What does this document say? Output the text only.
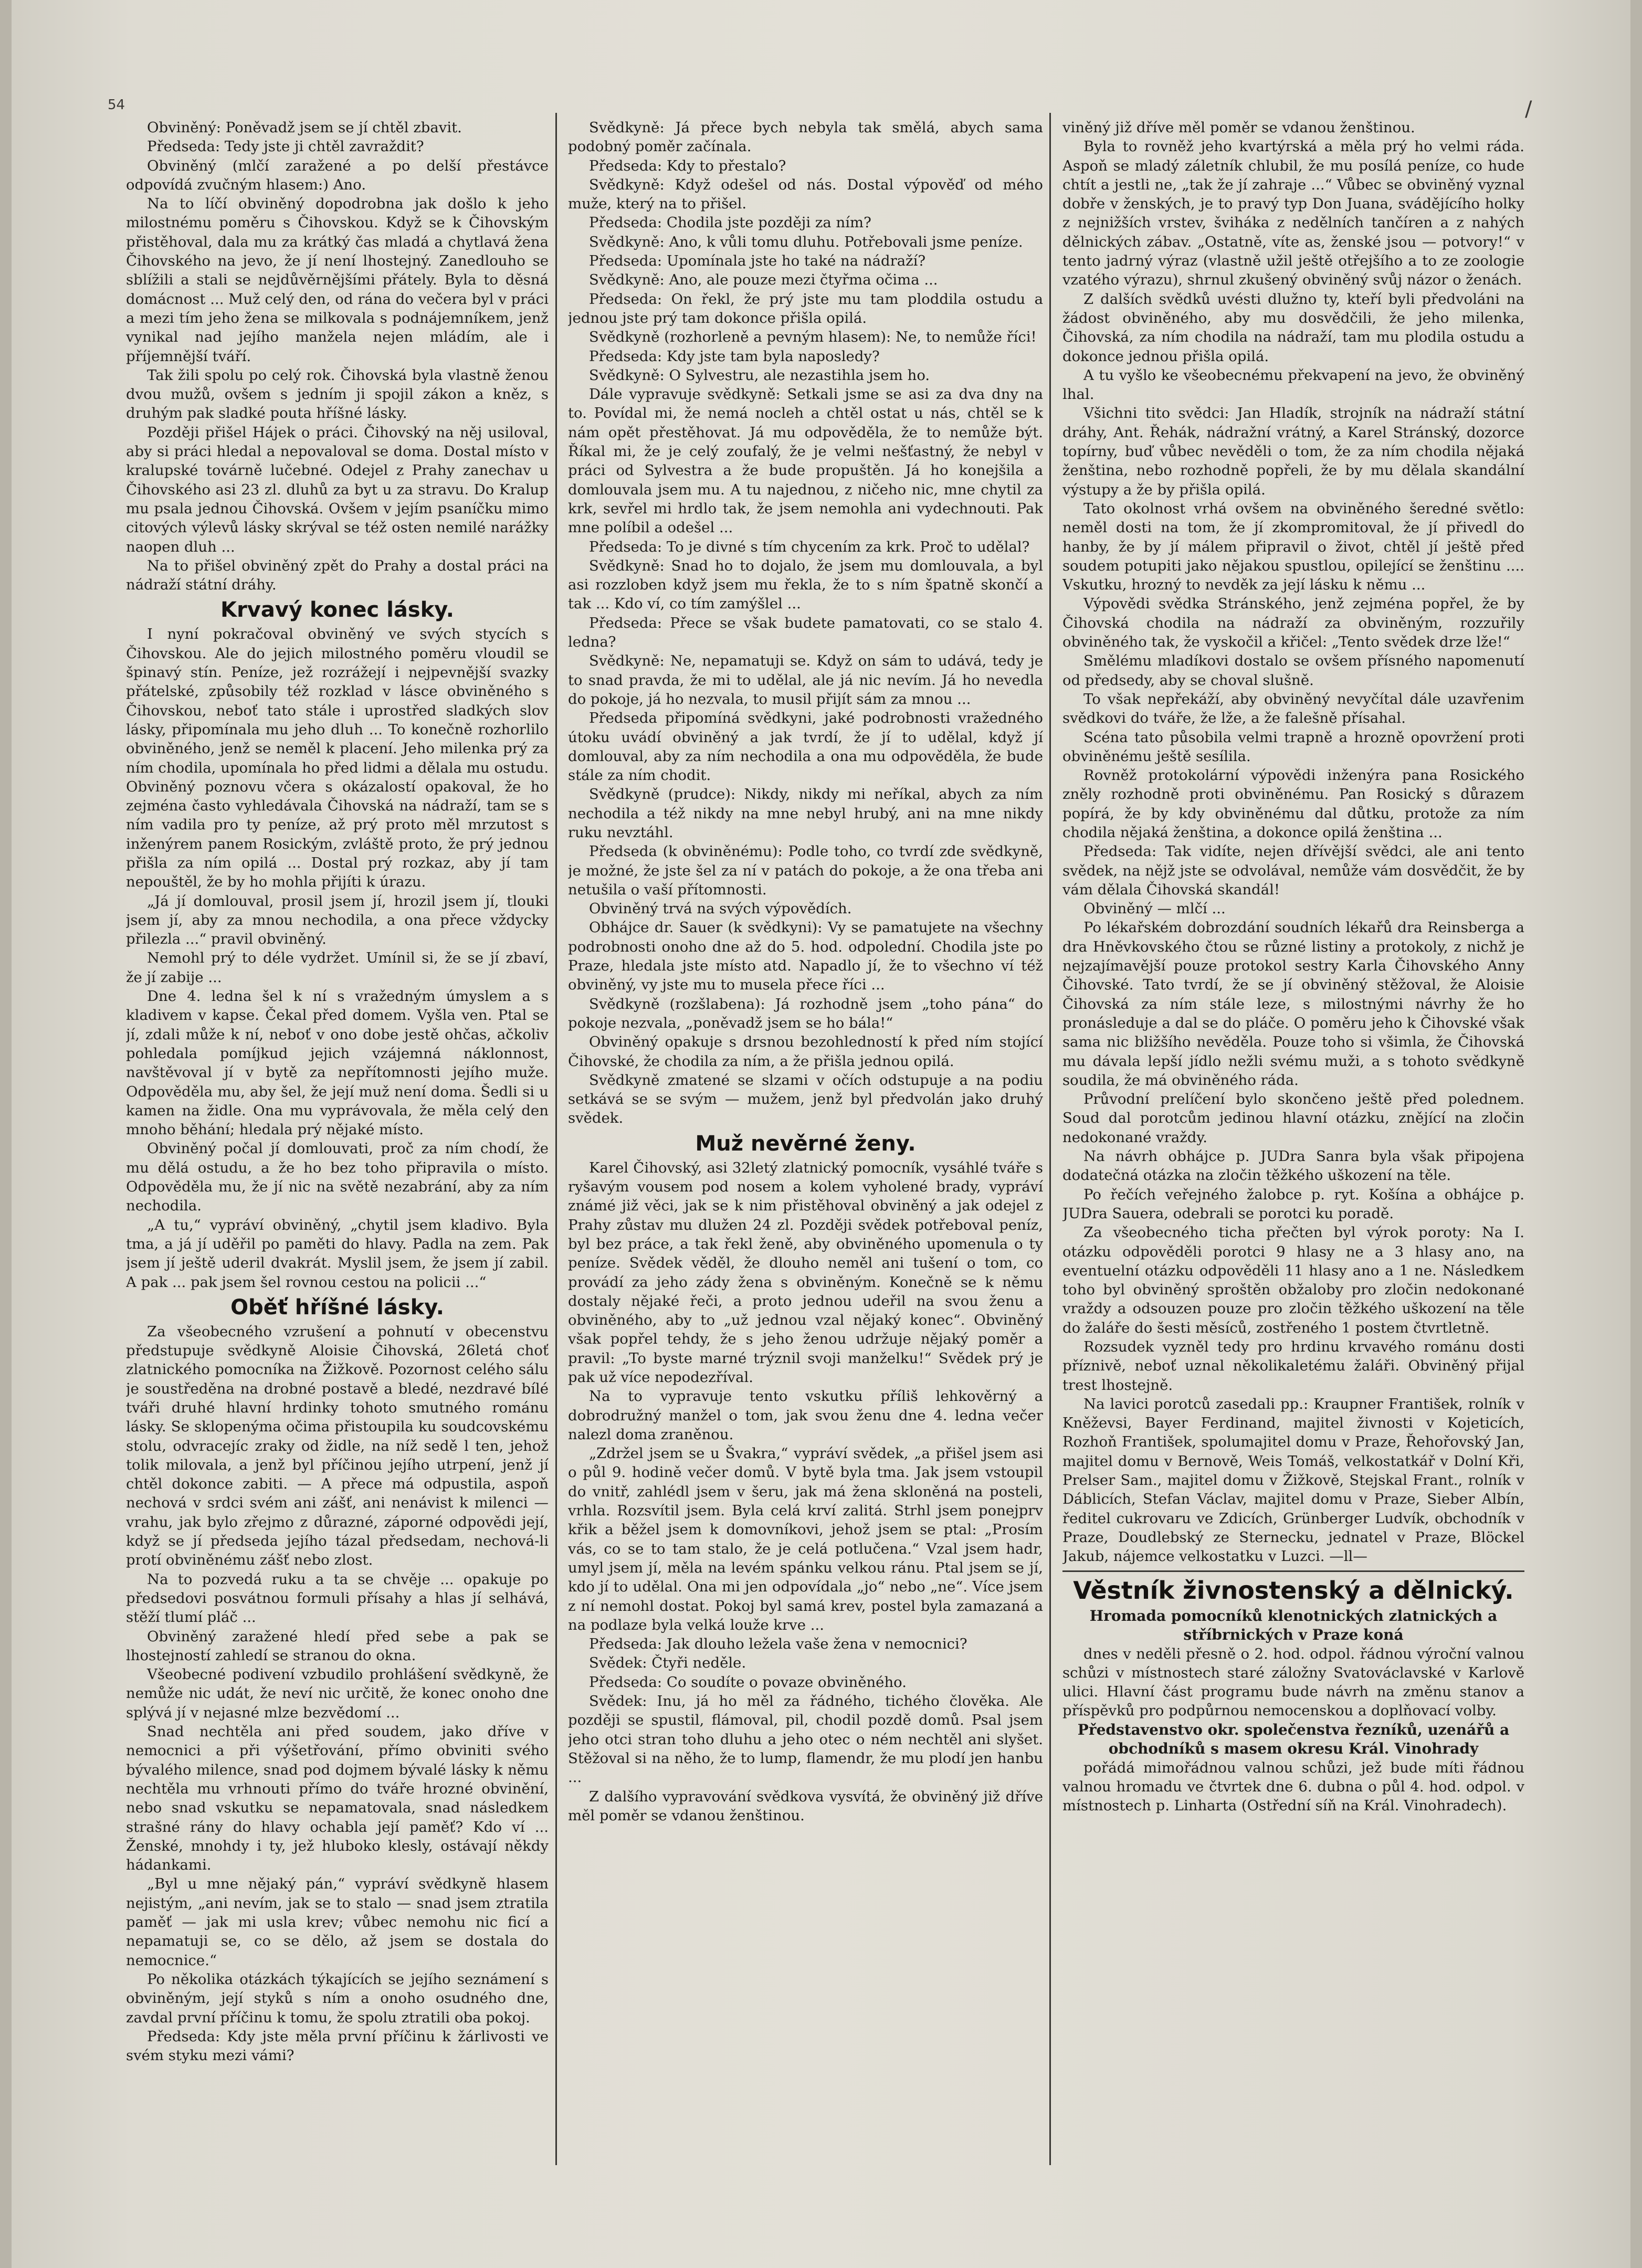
54	/

Obviněný: Poněvadž jsem se jí chtěl zbavit.

Předseda: Tedy jste ji chtěl zavraždit?

Obviněný (mlčí zaražené a po delší přestávce odpovídá zvučným hlasem:) Ano.

Na to líčí obviněný dopodrobna jak došlo k jeho milostnému poměru s Čihovskou. Když se k Čihovským přistěhoval, dala mu za krátký čas mladá a chytlavá žena Čihovského na jevo, že jí není lhostejný. Zanedlouho se sblížili a stali se nejdůvěrnějšími přátely. Byla to děsná domácnost ... Muž celý den, od rána do večera byl v práci a mezi tím jeho žena se milkovala s podnájemníkem, jenž vynikal nad jejího manžela nejen mládím, ale i příjemnější tváří.

Tak žili spolu po celý rok. Čihovská byla vlastně ženou dvou mužů, ovšem s jedním ji spojil zákon a kněz, s druhým pak sladké pouta hříšné lásky.

Později přišel Hájek o práci. Čihovský na něj usiloval, aby si práci hledal a nepovaloval se doma. Dostal místo v kralupské továrně lučebné. Odejel z Prahy zanechav u Čihovského asi 23 zl. dluhů za byt u za stravu. Do Kralup mu psala jednou Čihovská. Ovšem v jejím psaníčku mimo citových výlevů lásky skrýval se též osten nemilé narážky naopen dluh ...

Na to přišel obviněný zpět do Prahy a dostal práci na nádraží státní dráhy.

Krvavý konec lásky.

I nyní pokračoval obviněný ve svých stycích s Čihovskou. Ale do jejich milostného poměru vloudil se špinavý stín. Peníze, jež rozrážejí i nejpevnější svazky přátelské, způsobily též rozklad v lásce obviněného s Čihovskou, neboť tato stále i uprostřed sladkých slov lásky, připomínala mu jeho dluh ... To konečně rozhorlilo obviněného, jenž se neměl k placení. Jeho milenka prý za ním chodila, upomínala ho před lidmi a dělala mu ostudu. Obviněný poznovu včera s okázalostí opakoval, že ho zejména často vyhledávala Čihovská na nádraží, tam se s ním vadila pro ty peníze, až prý proto měl mrzutost s inženýrem panem Rosickým, zvláště proto, že prý jednou přišla za ním opilá ... Dostal prý rozkaz, aby jí tam nepouštěl, že by ho mohla přijíti k úrazu.

„Já jí domlouval, prosil jsem jí, hrozil jsem jí, tlouki jsem jí, aby za mnou nechodila, a ona přece vždycky přilezla ...“ pravil obviněný.

Nemohl prý to déle vydržet. Umínil si, že se jí zbaví, že jí zabije ...

Dne 4. ledna šel k ní s vražedným úmyslem a s kladivem v kapse. Čekal před domem. Vyšla ven. Ptal se jí, zdali může k ní, neboť v ono dobe jestě ohčas, ačkoliv pohledala pomíjkud jejich vzájemná náklonnost, navštěvoval jí v bytě za nepřítomnosti jejího muže. Odpověděla mu, aby šel, že její muž není doma. Šedli si u kamen na židle. Ona mu vyprávovala, že měla celý den mnoho běhání; hledala prý nějaké místo.

Obviněný počal jí domlouvati, proč za ním chodí, že mu dělá ostudu, a že ho bez toho připravila o místo. Odpověděla mu, že jí nic na světě nezabrání, aby za ním nechodila.

„A tu,“ vypráví obviněný, „chytil jsem kladivo. Byla tma, a já jí uděřil po paměti do hlavy. Padla na zem. Pak jsem jí ještě uderil dvakrát. Myslil jsem, že jsem jí zabil. A pak ... pak jsem šel rovnou cestou na policii ...“

Oběť hříšné lásky.

Za všeobecného vzrušení a pohnutí v obecenstvu předstupuje svědkyně Aloisie Čihovská, 26letá choť zlatnického pomocníka na Žižkově. Pozornost celého sálu je soustředěna na drobné postavě a bledé, nezdravé bílé tváři druhé hlavní hrdinky tohoto smutného románu lásky. Se sklopenýma očima přistoupila ku soudcovskému stolu, odvracejíc zraky od židle, na níž sedě l ten, jehož tolik milovala, a jenž byl příčinou jejího utrpení, jenž jí chtěl dokonce zabiti. — A přece má odpustila, aspoň nechová v srdci svém ani zášť, ani nenávist k milenci — vrahu, jak bylo zřejmo z důrazné, záporné odpovědi její, když se jí předseda jejího tázal předsedam, nechová-li protí obviněnému zášť nebo zlost.

Na to pozvedá ruku a ta se chvěje ... opakuje po předsedovi posvátnou formuli přísahy a hlas jí selhává, stěží tlumí pláč ...

Obviněný zaražené hledí před sebe a pak se lhostejností zahledí se stranou do okna.

Všeobecné podivení vzbudilo prohlášení svědkyně, že nemůže nic udát, že neví nic určitě, že konec onoho dne splývá jí v nejasné mlze bezvědomí ...

Snad nechtěla ani před soudem, jako dříve v nemocnici a při výšetřování, přímo obviniti svého bývalého milence, snad pod dojmem bývalé lásky k němu nechtěla mu vrhnouti přímo do tváře hrozné obvinění, nebo snad vskutku se nepamatovala, snad následkem strašné rány do hlavy ochabla její paměť? Kdo ví ... Ženské, mnohdy i ty, jež hluboko klesly, ostávají někdy hádankami.

„Byl u mne nějaký pán,“ vypráví svědkyně hlasem nejistým, „ani nevím, jak se to stalo — snad jsem ztratila paměť — jak mi usla krev; vůbec nemohu nic ficí a nepamatuji se, co se dělo, až jsem se dostala do nemocnice.“

Po několika otázkách týkajících se jejího seznámení s obviněným, její styků s ním a onoho osudného dne, zavdal první příčinu k tomu, že spolu ztratili oba pokoj.

Předseda: Kdy jste měla první příčinu k žárlivosti ve svém styku mezi vámi?

Svědkyně: Já přece bych nebyla tak smělá, abych sama podobný poměr začínala.

Předseda: Kdy to přestalo?

Svědkyně: Když odešel od nás. Dostal výpověď od mého muže, který na to přišel.

Předseda: Chodila jste později za ním?

Svědkyně: Ano, k vůli tomu dluhu. Potřebovali jsme peníze.

Předseda: Upomínala jste ho také na nádraží?

Svědkyně: Ano, ale pouze mezi čtyřma očima ...

Předseda: On řekl, že prý jste mu tam ploddila ostudu a jednou jste prý tam dokonce přišla opilá.

Svědkyně (rozhorleně a pevným hlasem): Ne, to nemůže říci!

Předseda: Kdy jste tam byla naposledy?

Svědkyně: O Sylvestru, ale nezastihla jsem ho.

Dále vypravuje svědkyně: Setkali jsme se asi za dva dny na to. Povídal mi, že nemá nocleh a chtěl ostat u nás, chtěl se k nám opět přestěhovat. Já mu odpověděla, že to nemůže být. Říkal mi, že je celý zoufalý, že je velmi nešťastný, že nebyl v práci od Sylvestra a že bude propuštěn. Já ho konejšila a domlouvala jsem mu. A tu najednou, z ničeho nic, mne chytil za krk, sevřel mi hrdlo tak, že jsem nemohla ani vydechnouti. Pak mne políbil a odešel ...

Předseda: To je divné s tím chycením za krk. Proč to udělal?

Svědkyně: Snad ho to dojalo, že jsem mu domlouvala, a byl asi rozzloben když jsem mu řekla, že to s ním špatně skončí a tak ... Kdo ví, co tím zamýšlel ...

Předseda: Přece se však budete pamatovati, co se stalo 4. ledna?

Svědkyně: Ne, nepamatuji se. Když on sám to udává, tedy je to snad pravda, že mi to udělal, ale já nic nevím. Já ho nevedla do pokoje, já ho nezvala, to musil přijít sám za mnou ...

Předseda připomíná svědkyni, jaké podrobnosti vražedného útoku uvádí obviněný a jak tvrdí, že jí to udělal, když jí domlouval, aby za ním nechodila a ona mu odpověděla, že bude stále za ním chodit.

Svědkyně (prudce): Nikdy, nikdy mi neříkal, abych za ním nechodila a též nikdy na mne nebyl hrubý, ani na mne nikdy ruku nevztáhl.

Předseda (k obviněnému): Podle toho, co tvrdí zde svědkyně, je možné, že jste šel za ní v patách do pokoje, a že ona třeba ani netušila o vaší přítomnosti.

Obviněný trvá na svých výpovědích.

Obhájce dr. Sauer (k svědkyni): Vy se pamatujete na všechny podrobnosti onoho dne až do 5. hod. odpolední. Chodila jste po Praze, hledala jste místo atd. Napadlo jí, že to všechno ví též obviněný, vy jste mu to musela přece říci ...

Svědkyně (rozšlabena): Já rozhodně jsem „toho pána“ do pokoje nezvala, „poněvadž jsem se ho bála!“

Obviněný opakuje s drsnou bezohledností k před ním stojící Čihovské, že chodila za ním, a že přišla jednou opilá.

Svědkyně zmatené se slzami v očích odstupuje a na podiu setkává se se svým — mužem, jenž byl předvolán jako druhý svědek.

Muž nevěrné ženy.

Karel Čihovský, asi 32letý zlatnický pomocník, vysáhlé tváře s ryšavým vousem pod nosem a kolem vyholené brady, vypráví známé již věci, jak se k nim přistěhoval obviněný a jak odejel z Prahy zůstav mu dlužen 24 zl. Později svědek potřeboval peníz, byl bez práce, a tak řekl ženě, aby obviněného upomenula o ty peníze. Svědek věděl, že dlouho neměl ani tušení o tom, co provádí za jeho zády žena s obviněným. Konečně se k němu dostaly nějaké řeči, a proto jednou udeřil na svou ženu a obviněného, aby to „už jednou vzal nějaký konec“. Obviněný však popřel tehdy, že s jeho ženou udržuje nějaký poměr a pravil: „To byste marné trýznil svoji manželku!“ Svědek prý je pak už více nepodezříval.

Na to vypravuje tento vskutku příliš lehkověrný a dobrodružný manžel o tom, jak svou ženu dne 4. ledna večer nalezl doma zraněnou.

„Zdržel jsem se u Švakra,“ vypráví svědek, „a přišel jsem asi o půl 9. hodině večer domů. V bytě byla tma. Jak jsem vstoupil do vnitř, zahlédl jsem v šeru, jak má žena skloněná na posteli, vrhla. Rozsvítil jsem. Byla celá krví zalitá. Strhl jsem ponejprv křik a běžel jsem k domovníkovi, jehož jsem se ptal: „Prosím vás, co se to tam stalo, že je celá potlučena.“ Vzal jsem hadr, umyl jsem jí, měla na levém spánku velkou ránu. Ptal jsem se jí, kdo jí to udělal. Ona mi jen odpovídala „jo“ nebo „ne“. Více jsem z ní nemohl dostat. Pokoj byl samá krev, postel byla zamazaná a na podlaze byla velká louže krve ...

Předseda: Jak dlouho ležela vaše žena v nemocnici?

Svědek: Čtyři neděle.

Předseda: Co soudíte o povaze obviněného.

Svědek: Inu, já ho měl za řádného, tichého člověka. Ale později se spustil, flámoval, pil, chodil pozdě domů. Psal jsem jeho otci stran toho dluhu a jeho otec o ném nechtěl ani slyšet. Stěžoval si na něho, že to lump, flamendr, že mu plodí jen hanbu ...

Z dalšího vypravování svědkova vysvítá, že obviněný již dříve měl poměr se vdanou ženštinou.

viněný již dříve měl poměr se vdanou ženštinou.

Byla to rovněž jeho kvartýrská a měla prý ho velmi ráda. Aspoň se mladý záletník chlubil, že mu posílá peníze, co hude chtít a jestli ne, „tak že jí zahraje ...“ Vůbec se obviněný vyznal dobře v ženských, je to pravý typ Don Juana, svádějícího holky z nejnižších vrstev, šviháka z nedělních tančíren a z nahých dělnických zábav. „Ostatně, víte as, ženské jsou — potvory!“ v tento jadrný výraz (vlastně užil ještě otřejšího a to ze zoologie vzatého výrazu), shrnul zkušený obviněný svůj názor o ženách.

Z dalších svědků uvésti dlužno ty, kteří byli předvoláni na žádost obviněného, aby mu dosvědčili, že jeho milenka, Čihovská, za ním chodila na nádraží, tam mu plodila ostudu a dokonce jednou přišla opilá.

A tu vyšlo ke všeobecnému překvapení na jevo, že obviněný lhal.

Všichni tito svědci: Jan Hladík, strojník na nádraží státní dráhy, Ant. Řehák, nádražní vrátný, a Karel Stránský, dozorce topírny, buď vůbec nevěděli o tom, že za ním chodila nějaká ženština, nebo rozhodně popřeli, že by mu dělala skandální výstupy a že by přišla opilá.

Tato okolnost vrhá ovšem na obviněného šeredné světlo: neměl dosti na tom, že jí zkompromitoval, že jí přivedl do hanby, že by jí málem připravil o život, chtěl jí ještě před soudem potupiti jako nějakou spustlou, opilející se ženštinu .... Vskutku, hrozný to nevděk za její lásku k němu ...

Výpovědi svědka Stránského, jenž zejména popřel, že by Čihovská chodila na nádraží za obviněným, rozzuřily obviněného tak, že vyskočil a křičel: „Tento svědek drze lže!“

Smělému mladíkovi dostalo se ovšem přísného napomenutí od předsedy, aby se choval slušně.

To však nepřekáží, aby obviněný nevyčítal dále uzavřenim svědkovi do tváře, že lže, a že falešně přísahal.

Scéna tato působila velmi trapně a hrozně opovržení proti obviněnému ještě sesílila.

Rovněž protokolární výpovědi inženýra pana Rosického zněly rozhodně proti obviněnému. Pan Rosický s důrazem popírá, že by kdy obviněnému dal důtku, protože za ním chodila nějaká ženština, a dokonce opilá ženština ...

Předseda: Tak vidíte, nejen dřívější svědci, ale ani tento svědek, na nějž jste se odvolával, nemůže vám dosvědčit, že by vám dělala Čihovská skandál!

Obviněný — mlčí ...

Po lékařském dobrozdání soudních lékařů dra Reinsberga a dra Hněvkovského čtou se různé listiny a protokoly, z nichž je nejzajímavější pouze protokol sestry Karla Čihovského Anny Čihovské. Tato tvrdí, že se jí obviněný stěžoval, že Aloisie Čihovská za ním stále leze, s milostnými návrhy že ho pronásleduje a dal se do pláče. O poměru jeho k Čihovské však sama nic bližšího nevěděla. Pouze toho si všimla, že Čihovská mu dávala lepší jídlo nežli svému muži, a s tohoto svědkyně soudila, že má obviněného ráda.

Průvodní prelíčení bylo skončeno ještě před polednem. Soud dal porotcům jedinou hlavní otázku, znějící na zločin nedokonané vraždy.

Na návrh obhájce p. JUDra Sanra byla však připojena dodatečná otázka na zločin těžkého uškození na těle.

Po řečích veřejného žalobce p. ryt. Košína a obhájce p. JUDra Sauera, odebrali se porotci ku poradě.

Za všeobecného ticha přečten byl výrok poroty: Na I. otázku odpověděli porotci 9 hlasy ne a 3 hlasy ano, na eventuelní otázku odpověděli 11 hlasy ano a 1 ne. Následkem toho byl obviněný sproštěn obžaloby pro zločin nedokonané vraždy a odsouzen pouze pro zločin těžkého uškození na těle do žaláře do šesti měsíců, zostřeného 1 postem čtvrtletně.

Rozsudek vyzněl tedy pro hrdinu krvavého románu dosti příznivě, neboť uznal několikaletému žaláři. Obviněný přijal trest lhostejně.

Na lavici porotců zasedali pp.: Kraupner František, rolník v Kněževsi, Bayer Ferdinand, majitel živnosti v Kojeticích, Rozhoň František, spolumajitel domu v Praze, Řehořovský Jan, majitel domu v Bernově, Weis Tomáš, velkostatkář v Dolní Kři, Prelser Sam., majitel domu v Žižkově, Stejskal Frant., rolník v Dáblicích, Stefan Václav, majitel domu v Praze, Sieber Albín, ředitel cukrovaru ve Zdicích, Grünberger Ludvík, obchodník v Praze, Doudlebský ze Sternecku, jednatel v Praze, Blöckel Jakub, nájemce velkostatku v Luzci. —ll—

Věstník živnostenský a dělnický.

Hromada pomocníků klenotnických zlatnických a stříbrnických v Praze koná

dnes v neděli přesně o 2. hod. odpol. řádnou výroční valnou schůzi v místnostech staré záložny Svatováclavské v Karlově ulici. Hlavní část programu bude návrh na změnu stanov a příspěvků pro podpůrnou nemocenskou a doplňovací volby.

Představenstvo okr. společenstva řezníků, uzenářů a obchodníků s masem okresu Král. Vinohrady

pořádá mimořádnou valnou schůzi, jež bude míti řádnou valnou hromadu ve čtvrtek dne 6. dubna o půl 4. hod. odpol. v místnostech p. Linharta (Ostřední síň na Král. Vinohradech).
